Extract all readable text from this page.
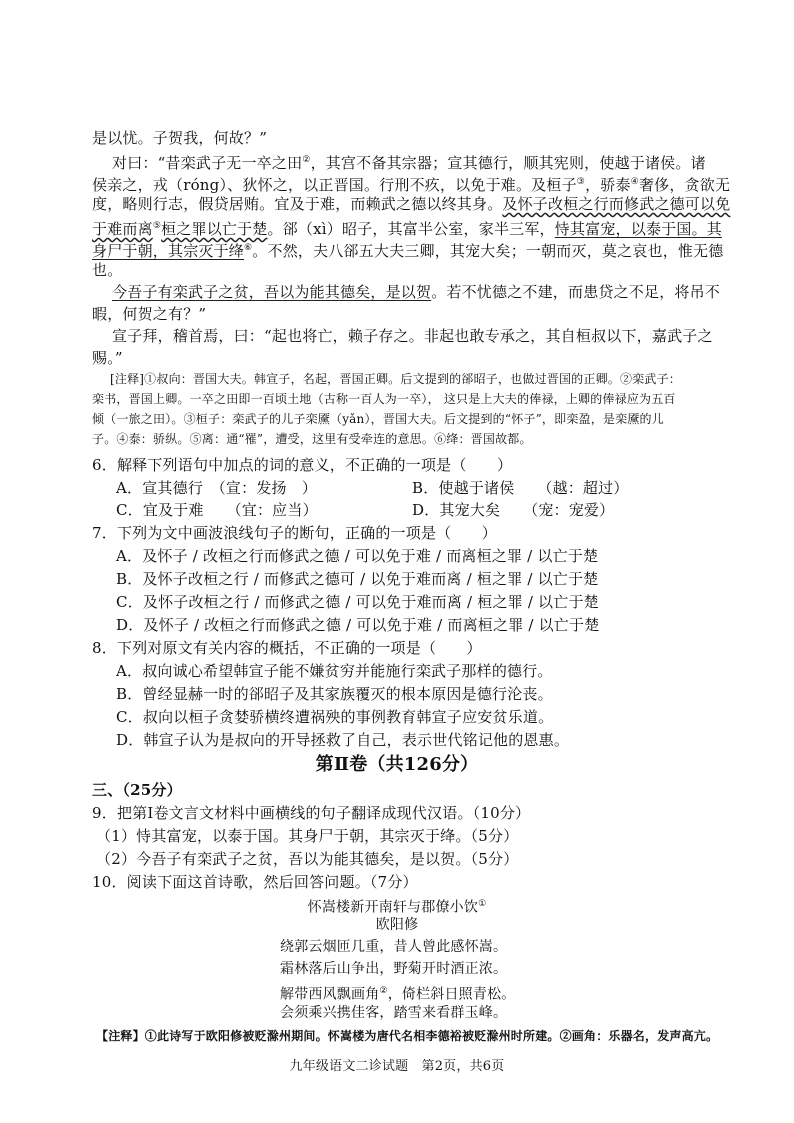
是以忧。子贺我，何故？”
对曰：“昔栾武子无一卒之田②，其宫不备其宗器；宣其德行，顺其宪则，使越于诸侯。诸
侯亲之，戎（róng）、狄怀之，以正晋国。行刑不疚，以免于难。及桓子③，骄泰④奢侈，贪欲无
度，略则行志，假贷居贿。宜及于难，而赖武之德以终其身。及怀子改桓之行而修武之德可以免
于难而离⑤桓之罪以亡于楚。郤（xì）昭子，其富半公室，家半三军，恃其富宠，以泰于国。其
身尸于朝，其宗灭于绛⑥。不然，夫八郤五大夫三卿，其宠大矣；一朝而灭，莫之哀也，惟无德
也。
今吾子有栾武子之贫，吾以为能其德矣，是以贺。若不忧德之不建，而患贷之不足，将吊不
暇，何贺之有？”
宣子拜，稽首焉，曰：“起也将亡，赖子存之。非起也敢专承之，其自桓叔以下，嘉武子之
赐。”
[注释]①叔向：晋国大夫。韩宣子，名起，晋国正卿。后文提到的郤昭子，也做过晋国的正卿。②栾武子：
栾书，晋国上卿。一卒之田即一百顷土地（古称一百人为一卒）， 这只是上大夫的俸禄，上卿的俸禄应为五百
倾（一旅之田）。③桓子：栾武子的儿子栾黡（yǎn），晋国大夫。后文提到的“怀子”，即栾盈，是栾黡的儿
子。④泰：骄纵。⑤离：通“罹”，遭受，这里有受牵连的意思。⑥绛：晋国故都。
6．解释下列语句中加点的词的意义，不正确的一项是（　　）
A．宣其德行　（宣：发扬　）	B．使越于诸侯　　（越：超过）
C．宜及于难　　（宜：应当）	D．其宠大矣　　（宠：宠爱）
7．下列为文中画波浪线句子的断句，正确的一项是（　　）
A．及怀子 / 改桓之行而修武之德 / 可以免于难 / 而离桓之罪 / 以亡于楚
B．及怀子改桓之行 / 而修武之德可 / 以免于难而离 / 桓之罪 / 以亡于楚
C．及怀子改桓之行 / 而修武之德 / 可以免于难而离 / 桓之罪 / 以亡于楚
D．及怀子 / 改桓之行而修武之德 / 可以免于难 / 而离桓之罪 / 以亡于楚
8．下列对原文有关内容的概括，不正确的一项是（　　）
A．叔向诚心希望韩宣子能不嫌贫穷并能施行栾武子那样的德行。
B．曾经显赫一时的郤昭子及其家族覆灭的根本原因是德行沦丧。
C．叔向以桓子贪婪骄横终遭祸殃的事例教育韩宣子应安贫乐道。
D．韩宣子认为是叔向的开导拯救了自己，表示世代铭记他的恩惠。
第Ⅱ卷（共126分）
三、（25分）
9．把第Ⅰ卷文言文材料中画横线的句子翻译成现代汉语。（10分）
（1）恃其富宠，以泰于国。其身尸于朝，其宗灭于绛。（5分）
（2）今吾子有栾武子之贫，吾以为能其德矣，是以贺。（5分）
10．阅读下面这首诗歌，然后回答问题。（7分）
怀嵩楼新开南轩与郡僚小饮①
欧阳修
绕郭云烟匝几重，昔人曾此感怀嵩。
霜林落后山争出，野菊开时酒正浓。
解带西风飘画角②，倚栏斜日照青松。
会须乘兴携佳客，踏雪来看群玉峰。
【注释】①此诗写于欧阳修被贬滁州期间。怀嵩楼为唐代名相李德裕被贬滁州时所建。②画角：乐器名，发声高亢。
九年级语文二诊试题　第2页，共6页
